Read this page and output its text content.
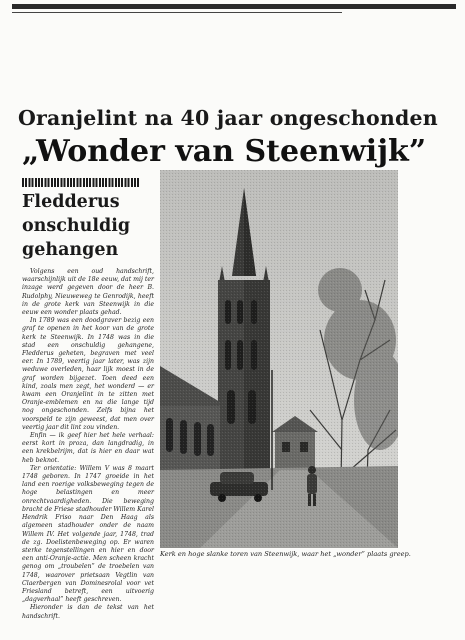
Oranjelint na 40 jaar ongeschonden
„Wonder van Steenwijk”
Fledderus
onschuldig
gehangen

Volgens een oud handschrift, waarschijnlijk uit de 18e eeuw, dat mij ter inzage werd gegeven door de heer B. Rudolphy, Nieuweweg te Genrodijk, heeft in de grote kerk van Steenwijk in die eeuw een wonder plaats gehad.

In 1789 was een doodgraver bezig een graf te openen in het koor van de grote kerk te Steenwijk. In 1748 was in die stad een onschuldig gehangene, Fledderus geheten, begraven met veel eer. In 1789, veertig jaar later, was zijn weduwe overleden, haar lijk moest in de graf worden bijgezet. Toen deed een kind, zoals men zegt, het wonderd — er kwam een Oranjelint in te zitten met Oranje-emblemen en na die lange tijd nog ongeschonden. Zelfs bijna het voorspeld te zijn geweest, dat men over veertig jaar dit lint zou vinden.

Enfin — ik geef hier het hele verhaal: eerst kort in proza, dan langdradig, in een krekbelrijm, dat is hier en daar wat heb beknot.

Ter orientatie: Willem V was 8 maart 1748 geboren. In 1747 groeide in het land een roerige volksbeweging tegen de hoge belastingen en meer onrechtvaardigheden. Die beweging bracht de Friese stadhouder Willem Karel Hendrik Friso naar Den Haag als algemeen stadhouder onder de naam Willem IV. Het volgende jaar, 1748, trad de zg. Doelistenbeweging op. Er waren sterke tegenstellingen en hier en door een anti-Oranje-actie. Men scheen kracht genog om „troubelen” de troebelen van 1748, waarover prietsaan Vegtlin van Claerbergen van Dominesrolal voor vet Friesland betreft, een uitvoerig „dagverhaal” heeft geschreven.

Hieronder is dan de tekst van het handschrift.

Kerk en hoge slanke toren van Steenwijk, waar het „wonder” plaats greep.
